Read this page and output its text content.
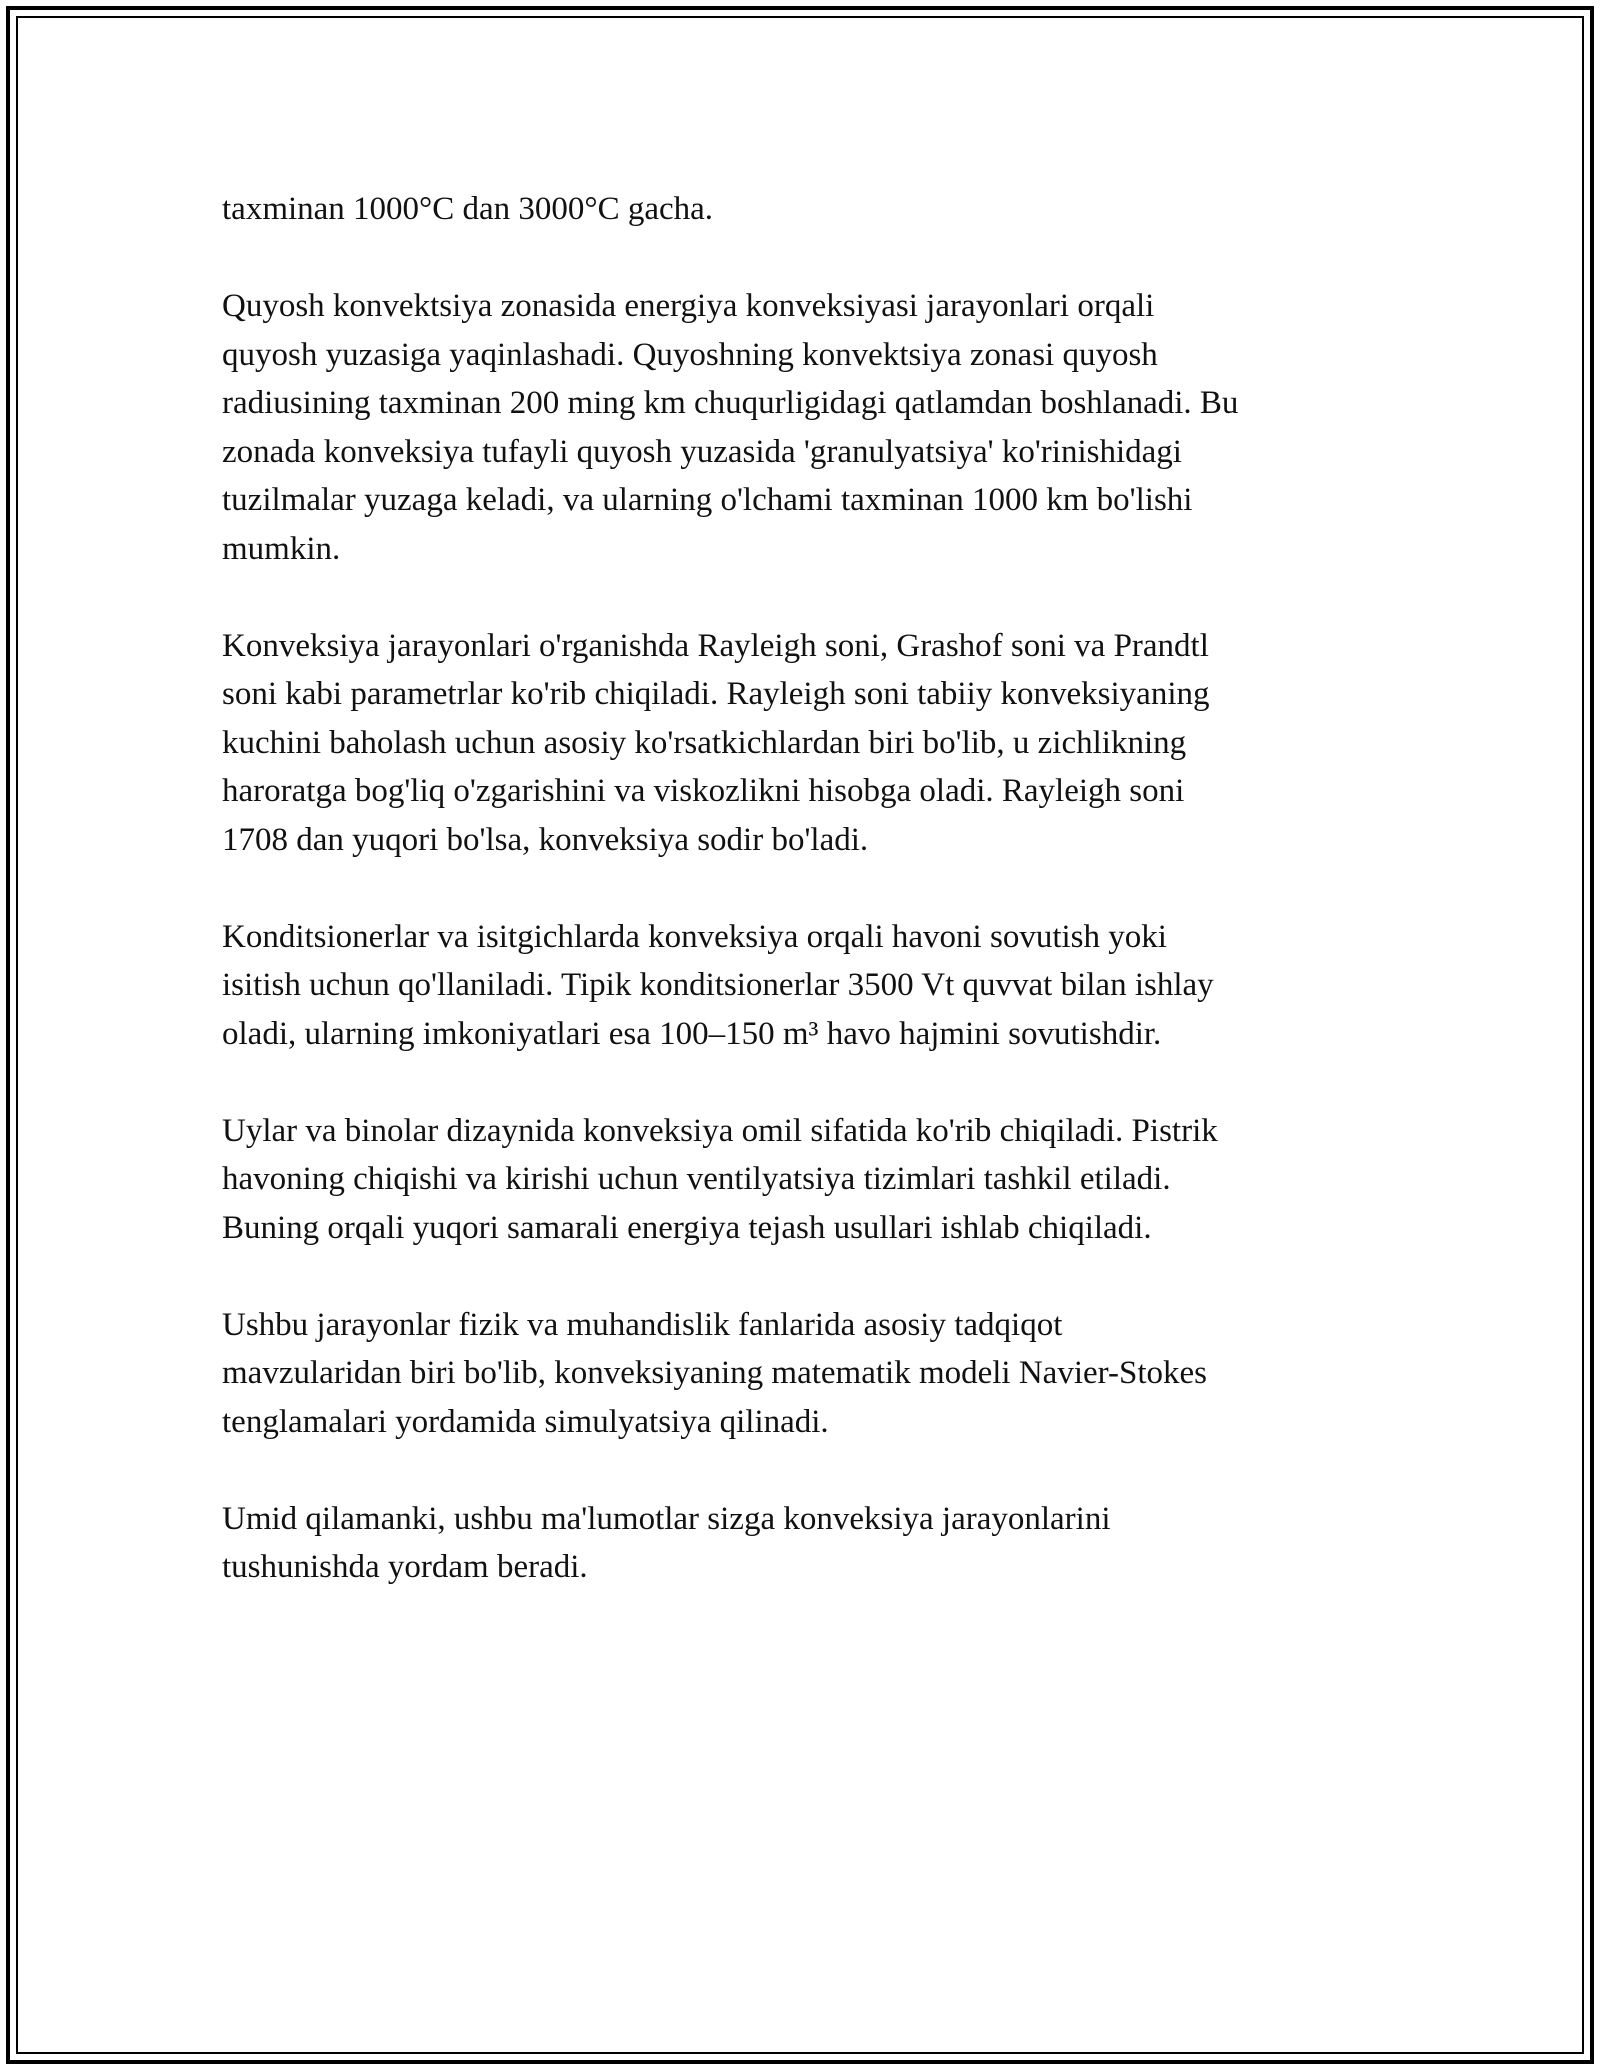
taxminan 1000°C dan 3000°C gacha.

Quyosh konvektsiya zonasida energiya konveksiyasi jarayonlari orqali
quyosh yuzasiga yaqinlashadi. Quyoshning konvektsiya zonasi quyosh
radiusining taxminan 200 ming km chuqurligidagi qatlamdan boshlanadi. Bu
zonada konveksiya tufayli quyosh yuzasida 'granulyatsiya' ko'rinishidagi
tuzilmalar yuzaga keladi, va ularning o'lchami taxminan 1000 km bo'lishi
mumkin.

Konveksiya jarayonlari o'rganishda Rayleigh soni, Grashof soni va Prandtl
soni kabi parametrlar ko'rib chiqiladi. Rayleigh soni tabiiy konveksiyaning
kuchini baholash uchun asosiy ko'rsatkichlardan biri bo'lib, u zichlikning
haroratga bog'liq o'zgarishini va viskozlikni hisobga oladi. Rayleigh soni
1708 dan yuqori bo'lsa, konveksiya sodir bo'ladi.

Konditsionerlar va isitgichlarda konveksiya orqali havoni sovutish yoki
isitish uchun qo'llaniladi. Tipik konditsionerlar 3500 Vt quvvat bilan ishlay
oladi, ularning imkoniyatlari esa 100–150 m³ havo hajmini sovutishdir.

Uylar va binolar dizaynida konveksiya omil sifatida ko'rib chiqiladi. Pistrik
havoning chiqishi va kirishi uchun ventilyatsiya tizimlari tashkil etiladi.
Buning orqali yuqori samarali energiya tejash usullari ishlab chiqiladi.

Ushbu jarayonlar fizik va muhandislik fanlarida asosiy tadqiqot
mavzularidan biri bo'lib, konveksiyaning matematik modeli Navier-Stokes
tenglamalari yordamida simulyatsiya qilinadi.

Umid qilamanki, ushbu ma'lumotlar sizga konveksiya jarayonlarini
tushunishda yordam beradi.
